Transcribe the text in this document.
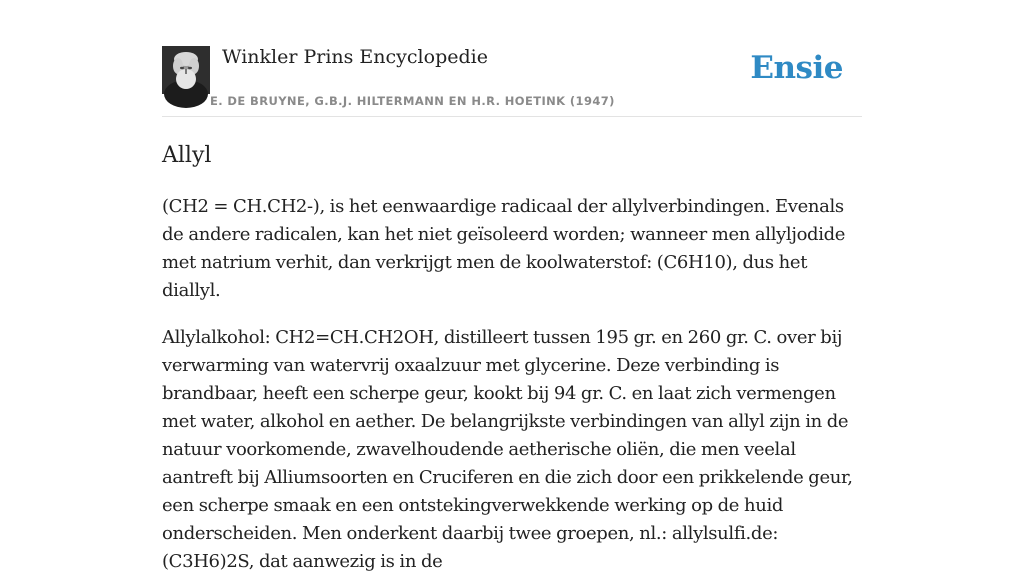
Winkler Prins Encyclopedie
E. DE BRUYNE, G.B.J. HILTERMANN EN H.R. HOETINK (1947)
Ensie
Allyl

(CH2 = CH.CH2-), is het eenwaardige radicaal der allylverbindingen. Evenals de andere radicalen, kan het niet geïsoleerd worden; wanneer men allyljodide met natrium verhit, dan verkrijgt men de koolwaterstof: (C6H10), dus het diallyl.

Allylalkohol: CH2=CH.CH2OH, distilleert tussen 195 gr. en 260 gr. C. over bij verwarming van watervrij oxaalzuur met glycerine. Deze verbinding is brandbaar, heeft een scherpe geur, kookt bij 94 gr. C. en laat zich vermengen met water, alkohol en aether. De belangrijkste verbindingen van allyl zijn in de natuur voorkomende, zwavelhoudende aetherische oliën, die men veelal aantreft bij Alliumsoorten en Cruciferen en die zich door een prikkelende geur, een scherpe smaak en een ontstekingverwekkende werking op de huid onderscheiden. Men onderkent daarbij twee groepen, nl.: allylsulfi.de: (C3H6)2S, dat aanwezig is in de
